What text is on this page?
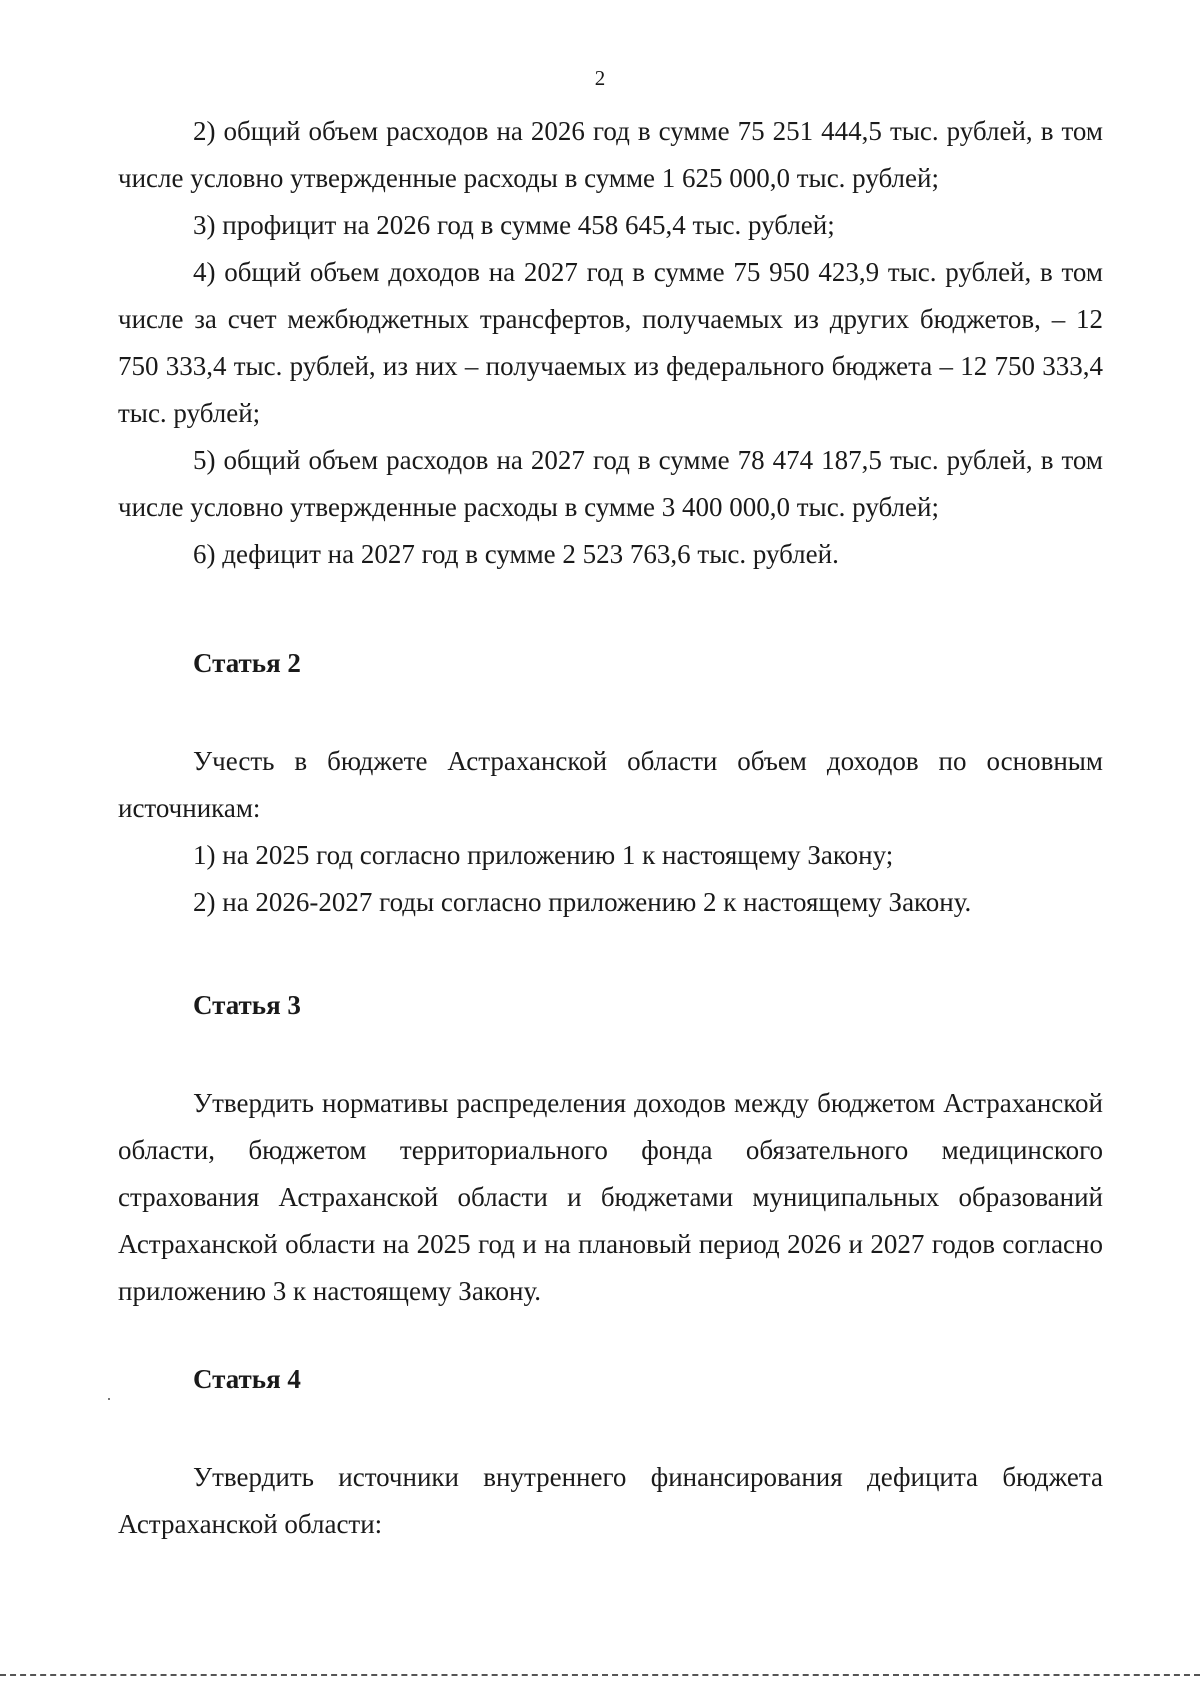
2

2) общий объем расходов на 2026 год в сумме 75 251 444,5 тыс. рублей, в том числе условно утвержденные расходы в сумме 1 625 000,0 тыс. рублей;

3) профицит на 2026 год в сумме 458 645,4 тыс. рублей;

4) общий объем доходов на 2027 год в сумме 75 950 423,9 тыс. рублей, в том числе за счет межбюджетных трансфертов, получаемых из других бюджетов, – 12 750 333,4 тыс. рублей, из них – получаемых из федерального бюджета – 12 750 333,4 тыс. рублей;

5) общий объем расходов на 2027 год в сумме 78 474 187,5 тыс. рублей, в том числе условно утвержденные расходы в сумме 3 400 000,0 тыс. рублей;

6) дефицит на 2027 год в сумме 2 523 763,6 тыс. рублей.

Статья 2

Учесть в бюджете Астраханской области объем доходов по основным источникам:

1) на 2025 год согласно приложению 1 к настоящему Закону;

2) на 2026-2027 годы согласно приложению 2 к настоящему Закону.

Статья 3

Утвердить нормативы распределения доходов между бюджетом Астраханской области, бюджетом территориального фонда обязательного медицинского страхования Астраханской области и бюджетами муниципальных образований Астраханской области на 2025 год и на плановый период 2026 и 2027 годов согласно приложению 3 к настоящему Закону.

Статья 4

Утвердить источники внутреннего финансирования дефицита бюджета Астраханской области:
